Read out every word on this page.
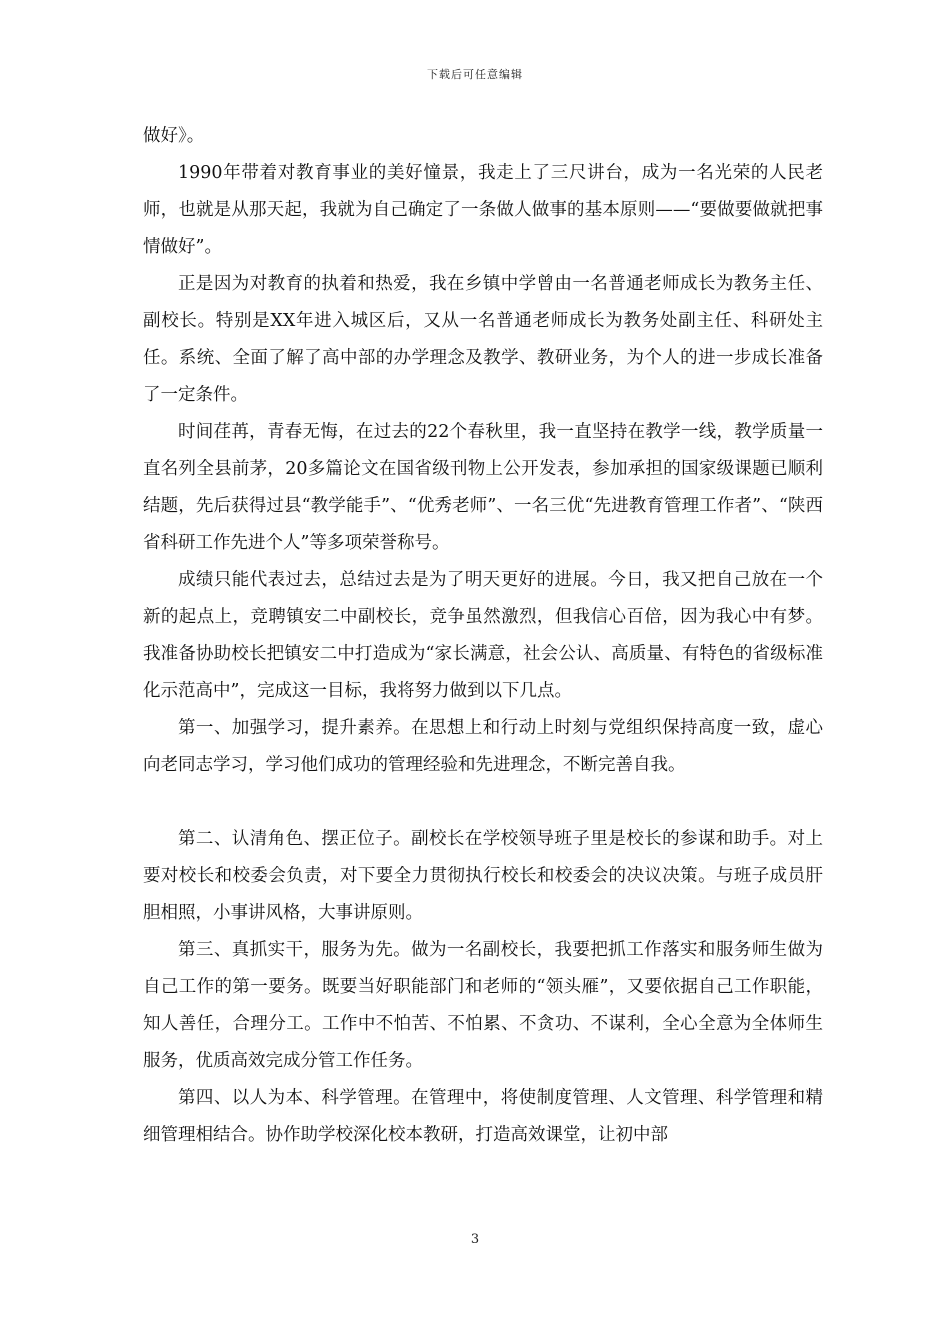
下载后可任意编辑

做好》。

1990年带着对教育事业的美好憧景，我走上了三尺讲台，成为一名光荣的人民老师，也就是从那天起，我就为自己确定了一条做人做事的基本原则——“要做要做就把事情做好”。

正是因为对教育的执着和热爱，我在乡镇中学曾由一名普通老师成长为教务主任、副校长。特别是XX年进入城区后，又从一名普通老师成长为教务处副主任、科研处主任。系统、全面了解了高中部的办学理念及教学、教研业务，为个人的进一步成长准备了一定条件。

时间荏苒，青春无悔，在过去的22个春秋里，我一直坚持在教学一线，教学质量一直名列全县前茅，20多篇论文在国省级刊物上公开发表，参加承担的国家级课题已顺利结题，先后获得过县“教学能手”、“优秀老师”、一名三优“先进教育管理工作者”、“陕西省科研工作先进个人”等多项荣誉称号。

成绩只能代表过去，总结过去是为了明天更好的进展。今日，我又把自己放在一个新的起点上，竞聘镇安二中副校长，竞争虽然激烈，但我信心百倍，因为我心中有梦。我准备协助校长把镇安二中打造成为“家长满意，社会公认、高质量、有特色的省级标准化示范高中”，完成这一目标，我将努力做到以下几点。

第一、加强学习，提升素养。在思想上和行动上时刻与党组织保持高度一致，虚心向老同志学习，学习他们成功的管理经验和先进理念，不断完善自我。

第二、认清角色、摆正位子。副校长在学校领导班子里是校长的参谋和助手。对上要对校长和校委会负责，对下要全力贯彻执行校长和校委会的决议决策。与班子成员肝胆相照，小事讲风格，大事讲原则。

第三、真抓实干，服务为先。做为一名副校长，我要把抓工作落实和服务师生做为自己工作的第一要务。既要当好职能部门和老师的“领头雁”，又要依据自己工作职能，知人善任，合理分工。工作中不怕苦、不怕累、不贪功、不谋利，全心全意为全体师生服务，优质高效完成分管工作任务。

第四、以人为本、科学管理。在管理中，将使制度管理、人文管理、科学管理和精细管理相结合。协作助学校深化校本教研，打造高效课堂，让初中部

3
